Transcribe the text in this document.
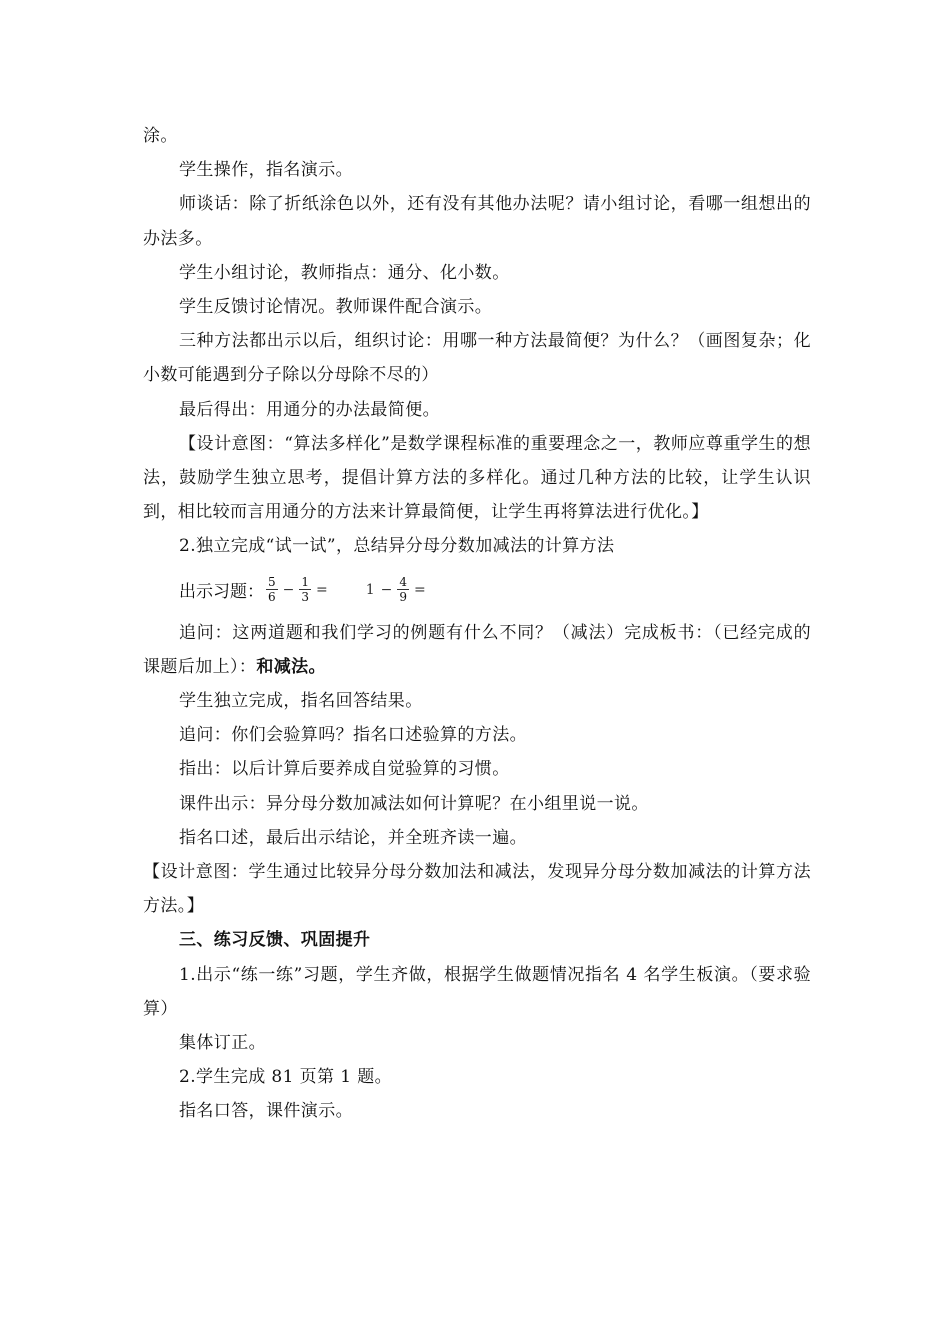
涂。

学生操作，指名演示。

师谈话：除了折纸涂色以外，还有没有其他办法呢？请小组讨论，看哪一组想出的办法多。

学生小组讨论，教师指点：通分、化小数。

学生反馈讨论情况。教师课件配合演示。

三种方法都出示以后，组织讨论：用哪一种方法最简便？为什么？（画图复杂；化小数可能遇到分子除以分母除不尽的）

最后得出：用通分的办法最简便。

【设计意图：“算法多样化”是数学课程标准的重要理念之一，教师应尊重学生的想法，鼓励学生独立思考，提倡计算方法的多样化。通过几种方法的比较，让学生认识到，相比较而言用通分的方法来计算最简便，让学生再将算法进行优化。】

2.独立完成“试一试”，总结异分母分数加减法的计算方法

出示习题： $\frac{5}{6} - \frac{1}{3}$ =	$1 - \frac{4}{9}$ =

追问：这两道题和我们学习的例题有什么不同？（减法）完成板书：（已经完成的课题后加上）：和减法。

学生独立完成，指名回答结果。

追问：你们会验算吗？指名口述验算的方法。

指出：以后计算后要养成自觉验算的习惯。

课件出示：异分母分数加减法如何计算呢？在小组里说一说。

指名口述，最后出示结论，并全班齐读一遍。

【设计意图：学生通过比较异分母分数加法和减法，发现异分母分数加减法的计算方法方法。】

三、练习反馈、巩固提升

1.出示“练一练”习题，学生齐做，根据学生做题情况指名 4 名学生板演。（要求验算）

集体订正。

2.学生完成 81 页第 1 题。

指名口答，课件演示。
